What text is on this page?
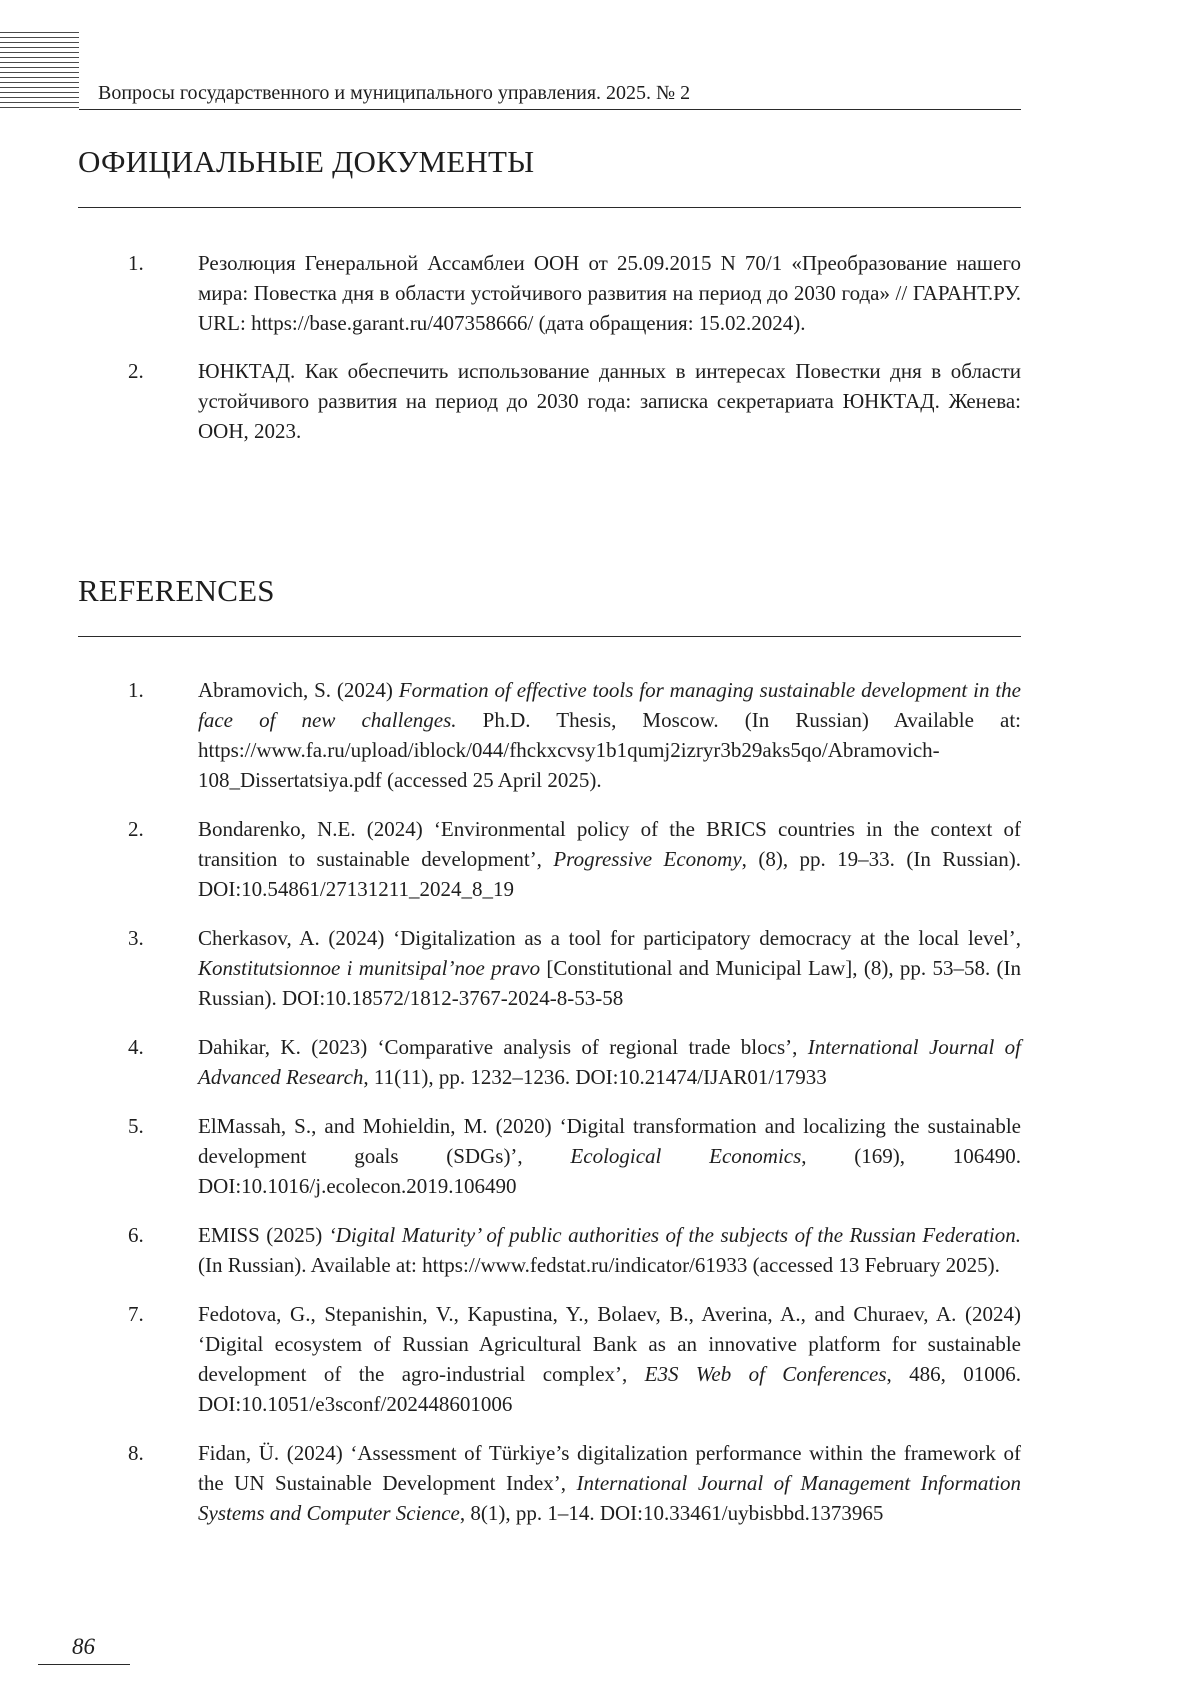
Вопросы государственного и муниципального управления. 2025. № 2
ОФИЦИАЛЬНЫЕ ДОКУМЕНТЫ
1.	Резолюция Генеральной Ассамблеи ООН от 25.09.2015 N 70/1 «Преобразование нашего мира: Повестка дня в области устойчивого развития на период до 2030 года» // ГАРАНТ.РУ. URL: https://base.garant.ru/407358666/ (дата обращения: 15.02.2024).
2.	ЮНКТАД. Как обеспечить использование данных в интересах Повестки дня в области устойчивого развития на период до 2030 года: записка секретариата ЮНКТАД. Женева: ООН, 2023.
REFERENCES
1.	Abramovich, S. (2024) Formation of effective tools for managing sustainable development in the face of new challenges. Ph.D. Thesis, Moscow. (In Russian) Available at: https://www.fa.ru/upload/iblock/044/fhckxcvsy1b1qumj2izryr3b29aks5qo/Abramovich-108_Dissertatsiya.pdf (accessed 25 April 2025).
2.	Bondarenko, N.E. (2024) ‘Environmental policy of the BRICS countries in the context of transition to sustainable development’, Progressive Economy, (8), pp. 19–33. (In Russian). DOI:10.54861/27131211_2024_8_19
3.	Cherkasov, A. (2024) ‘Digitalization as a tool for participatory democracy at the local level’, Konstitutsionnoe i munitsipal’noe pravo [Constitutional and Municipal Law], (8), pp. 53–58. (In Russian). DOI:10.18572/1812-3767-2024-8-53-58
4.	Dahikar, K. (2023) ‘Comparative analysis of regional trade blocs’, International Journal of Advanced Research, 11(11), pp. 1232–1236. DOI:10.21474/IJAR01/17933
5.	ElMassah, S., and Mohieldin, M. (2020) ‘Digital transformation and localizing the sustainable development goals (SDGs)’, Ecological Economics, (169), 106490. DOI:10.1016/j.ecolecon.2019.106490
6.	EMISS (2025) ‘Digital Maturity’ of public authorities of the subjects of the Russian Federation. (In Russian). Available at: https://www.fedstat.ru/indicator/61933 (accessed 13 February 2025).
7.	Fedotova, G., Stepanishin, V., Kapustina, Y., Bolaev, B., Averina, A., and Churaev, A. (2024) ‘Digital ecosystem of Russian Agricultural Bank as an innovative platform for sustainable development of the agro-industrial complex’, E3S Web of Conferences, 486, 01006. DOI:10.1051/e3sconf/202448601006
8.	Fidan, Ü. (2024) ‘Assessment of Türkiye’s digitalization performance within the framework of the UN Sustainable Development Index’, International Journal of Management Information Systems and Computer Science, 8(1), pp. 1–14. DOI:10.33461/uybisbbd.1373965
86
